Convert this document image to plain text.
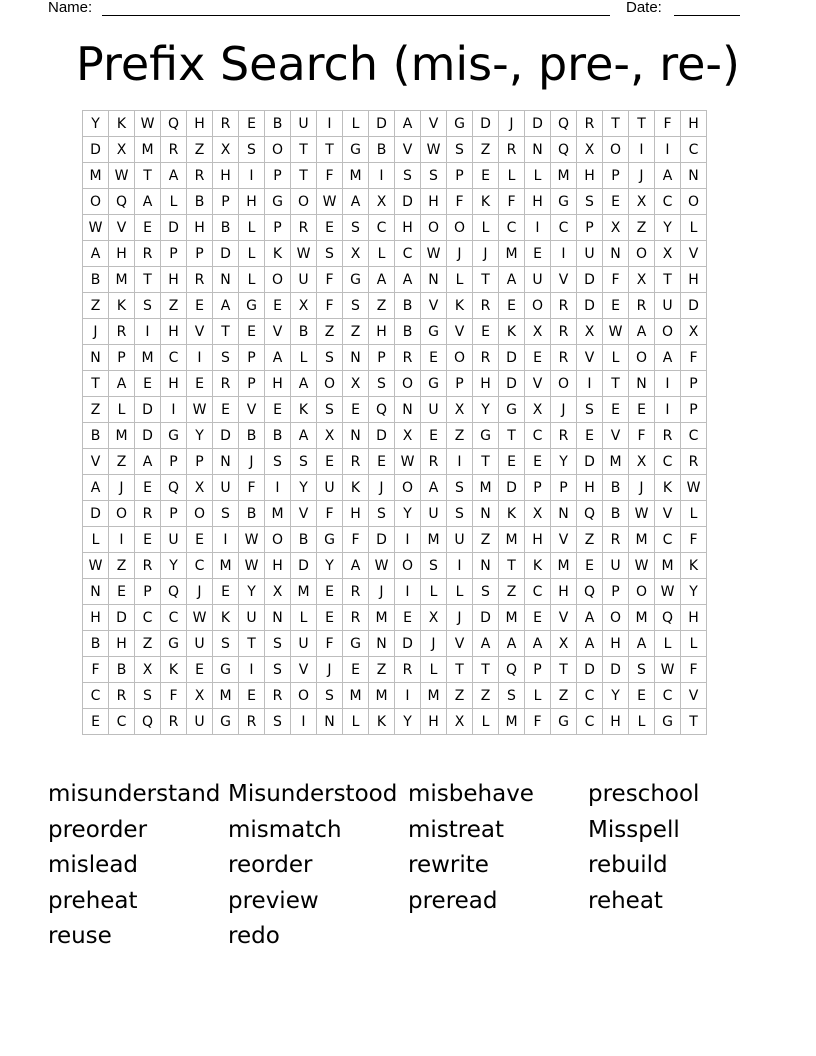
Name:	Date:
Prefix Search (mis-, pre-, re-)
Y	K	W	Q	H	R	E	B	U	I	L	D	A	V	G	D	J	D	Q	R	T	T	F	H
D	X	M	R	Z	X	S	O	T	T	G	B	V	W	S	Z	R	N	Q	X	O	I	I	C
M	W	T	A	R	H	I	P	T	F	M	I	S	S	P	E	L	L	M	H	P	J	A	N
O	Q	A	L	B	P	H	G	O	W	A	X	D	H	F	K	F	H	G	S	E	X	C	O
W	V	E	D	H	B	L	P	R	E	S	C	H	O	O	L	C	I	C	P	X	Z	Y	L
A	H	R	P	P	D	L	K	W	S	X	L	C	W	J	J	M	E	I	U	N	O	X	V
B	M	T	H	R	N	L	O	U	F	G	A	A	N	L	T	A	U	V	D	F	X	T	H
Z	K	S	Z	E	A	G	E	X	F	S	Z	B	V	K	R	E	O	R	D	E	R	U	D
J	R	I	H	V	T	E	V	B	Z	Z	H	B	G	V	E	K	X	R	X	W	A	O	X
N	P	M	C	I	S	P	A	L	S	N	P	R	E	O	R	D	E	R	V	L	O	A	F
T	A	E	H	E	R	P	H	A	O	X	S	O	G	P	H	D	V	O	I	T	N	I	P
Z	L	D	I	W	E	V	E	K	S	E	Q	N	U	X	Y	G	X	J	S	E	E	I	P
B	M	D	G	Y	D	B	B	A	X	N	D	X	E	Z	G	T	C	R	E	V	F	R	C
V	Z	A	P	P	N	J	S	S	E	R	E	W	R	I	T	E	E	Y	D	M	X	C	R
A	J	E	Q	X	U	F	I	Y	U	K	J	O	A	S	M	D	P	P	H	B	J	K	W
D	O	R	P	O	S	B	M	V	F	H	S	Y	U	S	N	K	X	N	Q	B	W	V	L
L	I	E	U	E	I	W	O	B	G	F	D	I	M	U	Z	M	H	V	Z	R	M	C	F
W	Z	R	Y	C	M	W	H	D	Y	A	W	O	S	I	N	T	K	M	E	U	W	M	K
N	E	P	Q	J	E	Y	X	M	E	R	J	I	L	L	S	Z	C	H	Q	P	O	W	Y
H	D	C	C	W	K	U	N	L	E	R	M	E	X	J	D	M	E	V	A	O	M	Q	H
B	H	Z	G	U	S	T	S	U	F	G	N	D	J	V	A	A	A	X	A	H	A	L	L
F	B	X	K	E	G	I	S	V	J	E	Z	R	L	T	T	Q	P	T	D	D	S	W	F
C	R	S	F	X	M	E	R	O	S	M	M	I	M	Z	Z	S	L	Z	C	Y	E	C	V
E	C	Q	R	U	G	R	S	I	N	L	K	Y	H	X	L	M	F	G	C	H	L	G	T
misunderstand Misunderstood misbehave preschool
preorder	mismatch	mistreat	Misspell
mislead	reorder	rewrite	rebuild
preheat	preview	preread	reheat
reuse	redo
